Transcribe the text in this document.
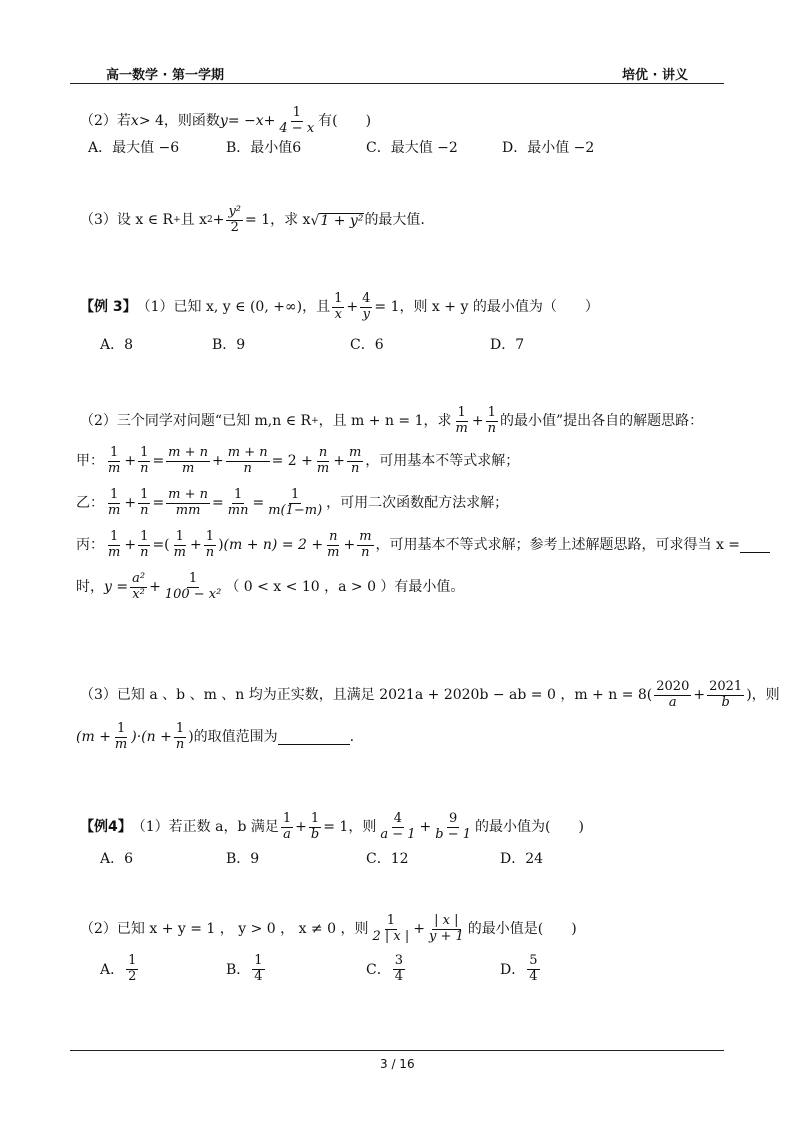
高一数学 · 第一学期	培优 · 讲义
（2） 若 x > 4，则函数 y = − $x + \frac{1}{4 - x}$ 有(　　)
A．最大值 −6	B．最小值6	C．最大值 −2	D．最小值 −2
（3） 设 x ∈ R + 且 x $2 + \frac{\text{y²}}{2} = 1$，求 x √ 1 + y² 的最大值.
【例 3】 （1） 已知 x, y ∈ (0, +∞)，且 $\frac{1}{x} + \frac{4}{y} = 1$，则 x + y 的最小值为（　　）
A．8	B．9	C．6	D．7
（2）三个同学对问题“已知 m,n ∈ R + ，且 m + n = 1，求 $\frac{1}{m} + \frac{1}{n}$ 的最小值”提出各自的解题思路：
甲： $\frac{1}{m} + \frac{1}{n} = \frac{m + n}{m} + \frac{m + n}{n} = 2 + \frac{n}{m} + \frac{m}{n}$ ，可用基本不等式求解；
乙： $\frac{1}{m} + \frac{1}{n} = \frac{m + n}{mm} = \frac{1}{mn} = \frac{1}{m(1-m)}$ ，可用二次函数配方法求解；
丙： $\frac{1}{m} + \frac{1}{n}$ = ( $\frac{1}{m} + \frac{1}{n}$ ) $(m + n) = 2 + \frac{n}{m} + \frac{m}{n}$ ，可用基本不等式求解；参考上述解题思路，可求得当 x =

时， $y = \frac{\text{a²}}{\text{x²}} + \frac{1}{\text{100 − x²}}$ （ 0 < x < 10 ，a > 0 ）有最小值。
（3）已知 a 、b 、m 、n 均为正实数，且满足 2021a + 2020b − ab = 0 ，$m + n = 8( \frac{2020}{a} + \frac{2021}{b}$ )，则
$(m + \frac{1}{m} )\cdot(n + \frac{1}{n}$ ) 的取值范围为
	.
【例4】 （1） 若正数 a，b 满足 $\frac{1}{a} + \frac{1}{b} = 1$，则 $\frac{4}{a - 1} + \frac{9}{b - 1}$ 的最小值为(　　)
A．6	B．9	C．12	D．24
（2）已知 x + y = 1 ， y > 0 ， x ≠ 0 ，则 $\frac{1}{2 | x |} + \frac{| x |}{y + 1}$ 的最小值是(　　)
A． $\frac{1}{2}$	B． $\frac{1}{4}$	C． $\frac{3}{4}$	D． $\frac{5}{4}$
3 / 16
